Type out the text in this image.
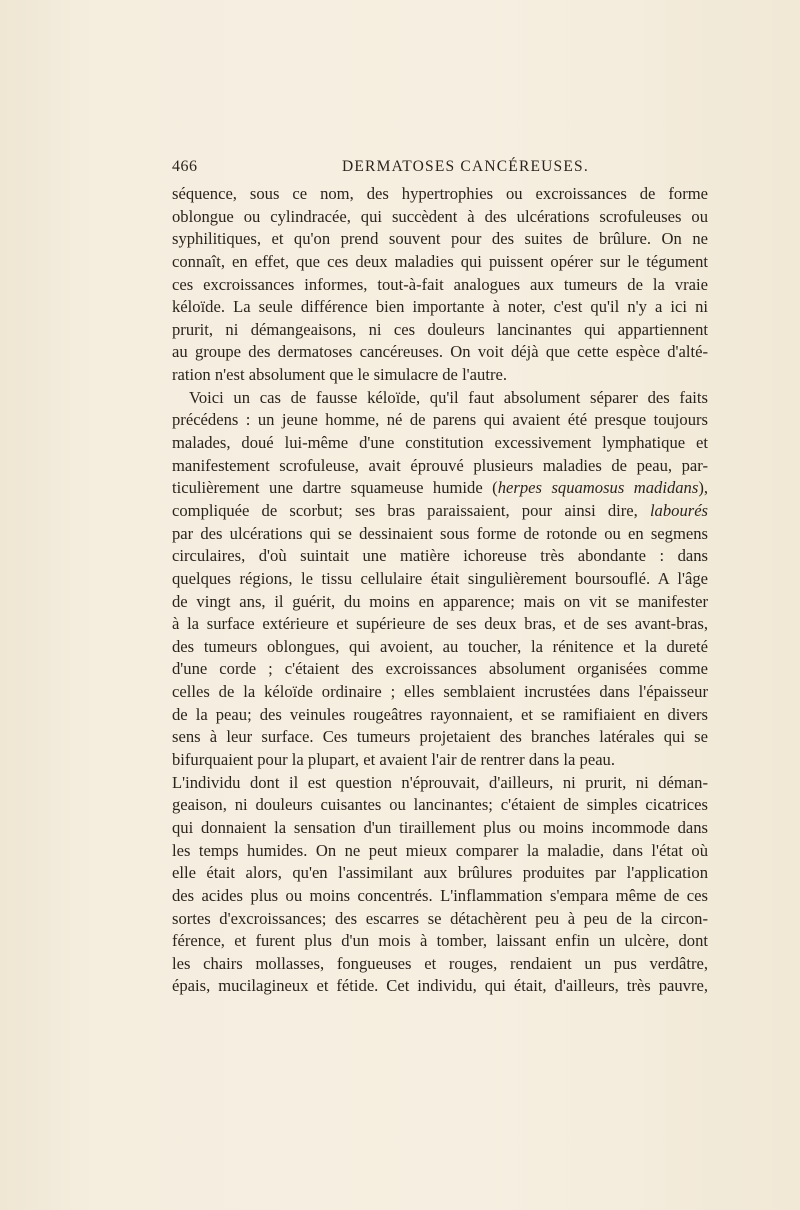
466	DERMATOSES CANCÉREUSES.
séquence, sous ce nom, des hypertrophies ou excroissances de forme
oblongue ou cylindracée, qui succèdent à des ulcérations scrofuleuses ou
syphilitiques, et qu'on prend souvent pour des suites de brûlure. On ne
connaît, en effet, que ces deux maladies qui puissent opérer sur le tégument
ces excroissances informes, tout-à-fait analogues aux tumeurs de la vraie
kéloïde. La seule différence bien importante à noter, c'est qu'il n'y a ici ni
prurit, ni démangeaisons, ni ces douleurs lancinantes qui appartiennent
au groupe des dermatoses cancéreuses. On voit déjà que cette espèce d'alté-
ration n'est absolument que le simulacre de l'autre.
Voici un cas de fausse kéloïde, qu'il faut absolument séparer des faits
précédens : un jeune homme, né de parens qui avaient été presque toujours
malades, doué lui-même d'une constitution excessivement lymphatique et
manifestement scrofuleuse, avait éprouvé plusieurs maladies de peau, par-
ticulièrement une dartre squameuse humide (herpes squamosus madidans),
compliquée de scorbut; ses bras paraissaient, pour ainsi dire, labourés
par des ulcérations qui se dessinaient sous forme de rotonde ou en segmens
circulaires, d'où suintait une matière ichoreuse très abondante : dans
quelques régions, le tissu cellulaire était singulièrement boursouflé. A l'âge
de vingt ans, il guérit, du moins en apparence; mais on vit se manifester
à la surface extérieure et supérieure de ses deux bras, et de ses avant-bras,
des tumeurs oblongues, qui avoient, au toucher, la rénitence et la dureté
d'une corde ; c'étaient des excroissances absolument organisées comme
celles de la kéloïde ordinaire ; elles semblaient incrustées dans l'épaisseur
de la peau; des veinules rougeâtres rayonnaient, et se ramifiaient en divers
sens à leur surface. Ces tumeurs projetaient des branches latérales qui se
bifurquaient pour la plupart, et avaient l'air de rentrer dans la peau.
L'individu dont il est question n'éprouvait, d'ailleurs, ni prurit, ni déman-
geaison, ni douleurs cuisantes ou lancinantes; c'étaient de simples cicatrices
qui donnaient la sensation d'un tiraillement plus ou moins incommode dans
les temps humides. On ne peut mieux comparer la maladie, dans l'état où
elle était alors, qu'en l'assimilant aux brûlures produites par l'application
des acides plus ou moins concentrés. L'inflammation s'empara même de ces
sortes d'excroissances; des escarres se détachèrent peu à peu de la circon-
férence, et furent plus d'un mois à tomber, laissant enfin un ulcère, dont
les chairs mollasses, fongueuses et rouges, rendaient un pus verdâtre,
épais, mucilagineux et fétide. Cet individu, qui était, d'ailleurs, très pauvre,
